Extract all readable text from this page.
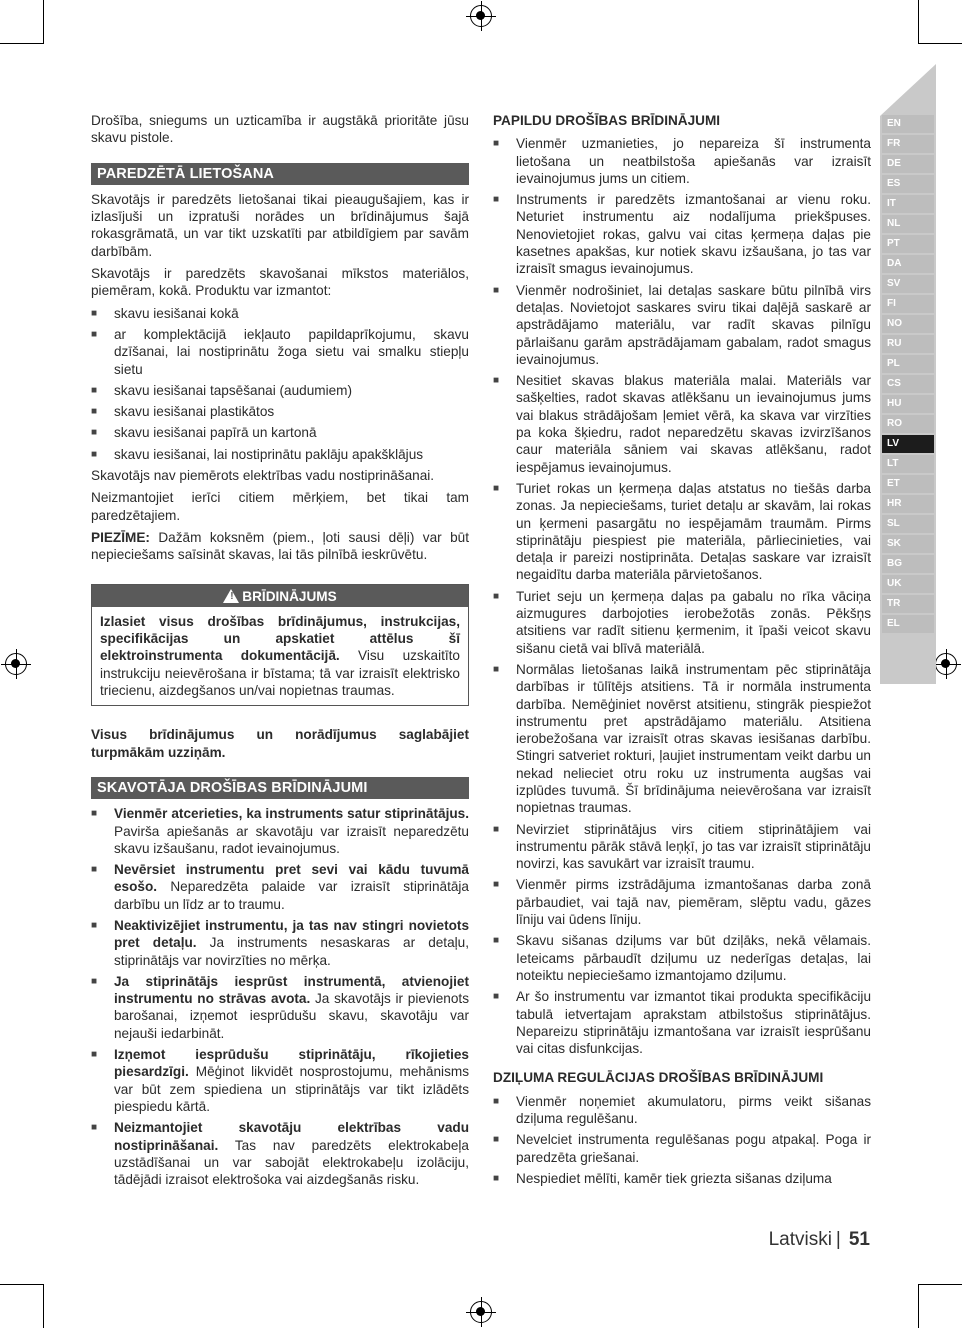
EN
FR
DE
ES
IT
NL
PT
DA
SV
FI
NO
RU
PL
CS
HU
RO
LV
LT
ET
HR
SL
SK
BG
UK
TR
EL

Drošība, sniegums un uzticamība ir augstākā prioritāte jūsu skavu pistole.

PAREDZĒTĀ LIETOŠANA

Skavotājs ir paredzēts lietošanai tikai pieaugušajiem, kas ir izlasījuši un izpratuši norādes un brīdinājumus šajā rokasgrāmatā, un var tikt uzskatīti par atbildīgiem par savām darbībām.

Skavotājs ir paredzēts skavošanai mīkstos materiālos, piemēram, kokā. Produktu var izmantot:

■ skavu iesišanai kokā
■ ar komplektācijā iekļauto papildaprīkojumu, skavu dzīšanai, lai nostiprinātu žoga sietu vai smalku stiepļu sietu
■ skavu iesišanai tapsēšanai (audumiem)
■ skavu iesišanai plastikātos
■ skavu iesišanai papīrā un kartonā
■ skavu iesišanai, lai nostiprinātu paklāju apakšklājus

Skavotājs nav piemērots elektrības vadu nostiprināšanai.

Neizmantojiet ierīci citiem mērķiem, bet tikai tam paredzētajiem.

PIEZĪME: Dažām koksnēm (piem., ļoti sausi dēļi) var būt nepieciešams saīsināt skavas, lai tās pilnībā ieskrūvētu.

! BRĪDINĀJUMS
Izlasiet visus drošības brīdinājumus, instrukcijas, specifikācijas un apskatiet attēlus šī elektroinstrumenta dokumentācijā. Visu uzskaitīto instrukciju neievērošana ir bīstama; tā var izraisīt elektrisko triecienu, aizdegšanos un/vai nopietnas traumas.

Visus brīdinājumus un norādījumus saglabājiet turpmākām uzziņām.

SKAVOTĀJA DROŠĪBAS BRĪDINĀJUMI
■ Vienmēr atcerieties, ka instruments satur stiprinātājus. Pavirša apiešanās ar skavotāju var izraisīt neparedzētu skavu izšaušanu, radot ievainojumus.
■ Nevērsiet instrumentu pret sevi vai kādu tuvumā esošo. Neparedzēta palaide var izraisīt stiprinātāja darbību un līdz ar to traumu.
■ Neaktivizējiet instrumentu, ja tas nav stingri novietots pret detaļu. Ja instruments nesaskaras ar detaļu, stiprinātājs var novirzīties no mērķa.
■ Ja stiprinātājs iesprūst instrumentā, atvienojiet instrumentu no strāvas avota. Ja skavotājs ir pievienots barošanai, izņemot iesprūdušu skavu, skavotāju var nejauši iedarbināt.
■ Izņemot iesprūdušu stiprinātāju, rīkojieties piesardzīgi. Mēģinot likvidēt nosprostojumu, mehānisms var būt zem spiediena un stiprinātājs var tikt izlādēts piespiedu kārtā.
■ Neizmantojiet skavotāju elektrības vadu nostiprināšanai. Tas nav paredzēts elektrokabeļa uzstādīšanai un var sabojāt elektrokabeļu izolāciju, tādējādi izraisot elektrošoka vai aizdegšanās risku.
PAPILDU DROŠĪBAS BRĪDINĀJUMI
■ Vienmēr uzmanieties, jo nepareiza šī instrumenta lietošana un neatbilstoša apiešanās var izraisīt ievainojumus jums un citiem.
■ Instruments ir paredzēts izmantošanai ar vienu roku. Neturiet instrumentu aiz nodalījuma priekšpuses. Nenovietojiet rokas, galvu vai citas ķermeņa daļas pie kasetnes apakšas, kur notiek skavu izšaušana, jo tas var izraisīt smagus ievainojumus.
■ Vienmēr nodrošiniet, lai detaļas saskare būtu pilnībā virs detaļas. Novietojot saskares sviru tikai daļējā saskarē ar apstrādājamo materiālu, var radīt skavas pilnīgu pārlaišanu garām apstrādājamam gabalam, radot smagus ievainojumus.
■ Nesitiet skavas blakus materiāla malai. Materiāls var sašķelties, radot skavas atlēkšanu un ievainojumus jums vai blakus strādājošam ļemiet vērā, ka skava var virzīties pa koka šķiedru, radot neparedzētu skavas izvirzīšanos caur materiāla sāniem vai skavas atlēkšanu, radot iespējamus ievainojumus.
■ Turiet rokas un ķermeņa daļas atstatus no tiešās darba zonas. Ja nepieciešams, turiet detaļu ar skavām, lai rokas un ķermeni pasargātu no iespējamām traumām. Pirms stiprinātāju piespiest pie materiāla, pārliecinieties, vai detaļa ir pareizi nostiprināta. Detaļas saskare var izraisīt negaidītu darba materiāla pārvietošanos.
■ Turiet seju un ķermeņa daļas pa gabalu no rīka vāciņa aizmugures darbojoties ierobežotās zonās. Pēkšņs atsitiens var radīt sitienu ķermenim, it īpaši veicot skavu sišanu cietā vai blīvā materiālā.
■ Normālas lietošanas laikā instrumentam pēc stiprinātāja darbības ir tūlītējs atsitiens. Tā ir normāla instrumenta darbība. Nemēģiniet novērst atsitienu, stingrāk piespiežot instrumentu pret apstrādājamo materiālu. Atsitiena ierobežošana var izraisīt otras skavas iesišanas darbību. Stingri satveriet rokturi, ļaujiet instrumentam veikt darbu un nekad nelieciet otru roku uz instrumenta augšas vai izplūdes tuvumā. Šī brīdinājuma neievērošana var izraisīt nopietnas traumas.
■ Nevirziet stiprinātājus virs citiem stiprinātājiem vai instrumentu pārāk stāvā leņķī, jo tas var izraisīt stiprinātāju novirzi, kas savukārt var izraisīt traumu.
■ Vienmēr pirms izstrādājuma izmantošanas darba zonā pārbaudiet, vai tajā nav, piemēram, slēptu vadu, gāzes līniju vai ūdens līniju.
■ Skavu sišanas dziļums var būt dziļāks, nekā vēlamais. Ieteicams pārbaudīt dziļumu uz nederīgas detaļas, lai noteiktu nepieciešamo izmantojamo dziļumu.
■ Ar šo instrumentu var izmantot tikai produkta specifikāciju tabulā ietvertajam aprakstam atbilstošus stiprinātājus. Nepareizu stiprinātāju izmantošana var izraisīt iesprūšanu vai citas disfunkcijas.
DZIĻUMA REGULĀCIJAS DROŠĪBAS BRĪDINĀJUMI
■ Vienmēr noņemiet akumulatoru, pirms veikt sišanas dziļuma regulēšanu.
■ Nevelciet instrumenta regulēšanas pogu atpakaļ. Poga ir paredzēta griešanai.
■ Nespiediet mēlīti, kamēr tiek griezta sišanas dziļuma
Latviski | 51
